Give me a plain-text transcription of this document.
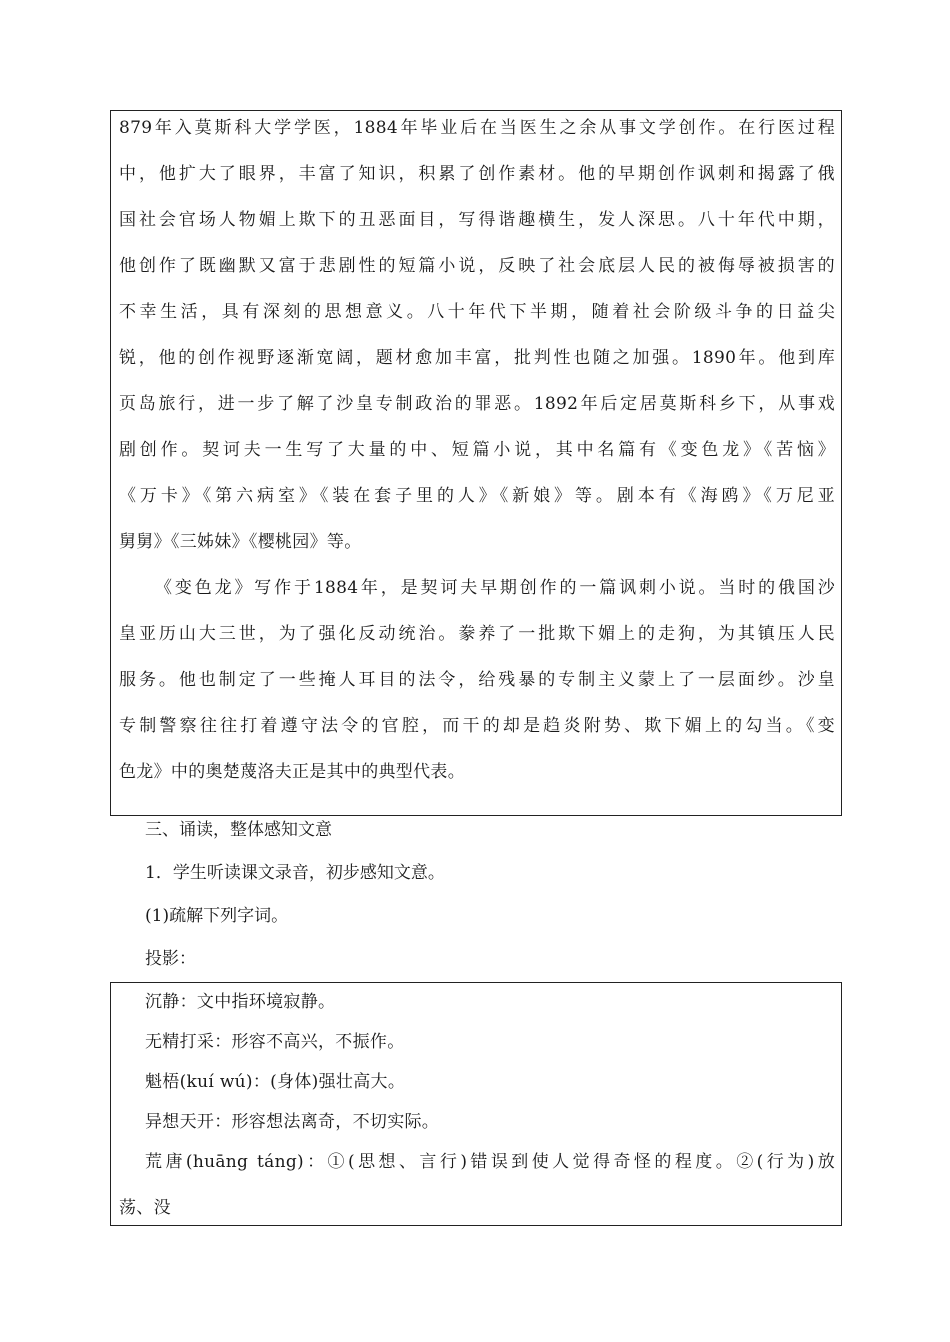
879年入莫斯科大学学医，1884年毕业后在当医生之余从事文学创作。在行医过程
中，他扩大了眼界，丰富了知识，积累了创作素材。他的早期创作讽刺和揭露了俄
国社会官场人物媚上欺下的丑恶面目，写得谐趣横生，发人深思。八十年代中期，
他创作了既幽默又富于悲剧性的短篇小说，反映了社会底层人民的被侮辱被损害的
不幸生活，具有深刻的思想意义。八十年代下半期，随着社会阶级斗争的日益尖
锐，他的创作视野逐渐宽阔，题材愈加丰富，批判性也随之加强。1890年。他到库
页岛旅行，进一步了解了沙皇专制政治的罪恶。1892年后定居莫斯科乡下，从事戏
剧创作。契诃夫一生写了大量的中、短篇小说，其中名篇有《变色龙》《苦恼》
《万卡》《第六病室》《装在套子里的人》《新娘》等。剧本有《海鸥》《万尼亚
舅舅》《三姊妹》《樱桃园》等。
《变色龙》写作于1884年，是契诃夫早期创作的一篇讽刺小说。当时的俄国沙
皇亚历山大三世，为了强化反动统治。豢养了一批欺下媚上的走狗，为其镇压人民
服务。他也制定了一些掩人耳目的法令，给残暴的专制主义蒙上了一层面纱。沙皇
专制警察往往打着遵守法令的官腔，而干的却是趋炎附势、欺下媚上的勾当。《变
色龙》中的奥楚蔑洛夫正是其中的典型代表。
三、诵读，整体感知文意
1．学生听读课文录音，初步感知文意。
(1)疏解下列字词。
投影：
沉静：文中指环境寂静。
无精打采：形容不高兴，不振作。
魁梧(kuí wú)：(身体)强壮高大。
异想天开：形容想法离奇，不切实际。
荒唐(huāng táng)：①(思想、言行)错误到使人觉得奇怪的程度。②(行为)放
荡、没
